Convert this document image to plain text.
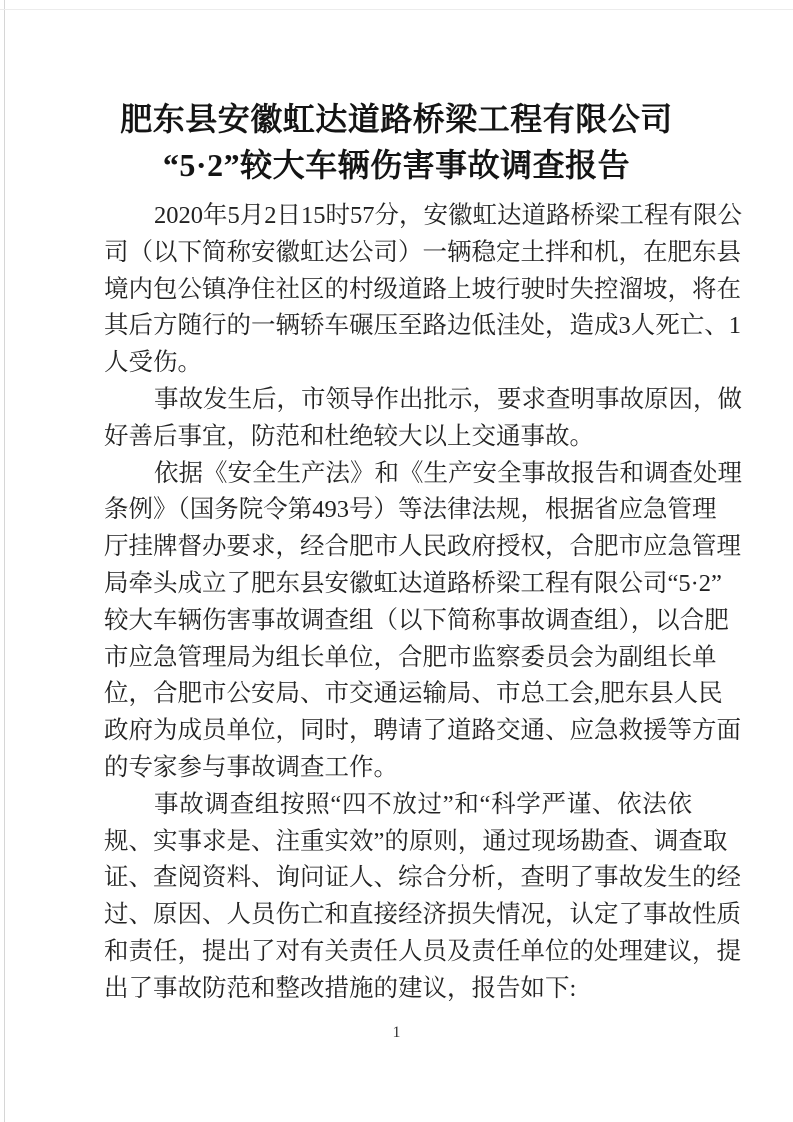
肥东县安徽虹达道路桥梁工程有限公司
“5·2”较大车辆伤害事故调查报告
2020年5月2日15时57分，安徽虹达道路桥梁工程有限公
司（以下简称安徽虹达公司）一辆稳定土拌和机，在肥东县
境内包公镇净住社区的村级道路上坡行驶时失控溜坡，将在
其后方随行的一辆轿车碾压至路边低洼处，造成3人死亡、1
人受伤。
事故发生后，市领导作出批示，要求查明事故原因，做
好善后事宜，防范和杜绝较大以上交通事故。
依据《安全生产法》和《生产安全事故报告和调查处理
条例》（国务院令第493号）等法律法规，根据省应急管理
厅挂牌督办要求，经合肥市人民政府授权，合肥市应急管理
局牵头成立了肥东县安徽虹达道路桥梁工程有限公司“5·2”
较大车辆伤害事故调查组（以下简称事故调查组），以合肥
市应急管理局为组长单位，合肥市监察委员会为副组长单
位，合肥市公安局、市交通运输局、市总工会,肥东县人民
政府为成员单位，同时，聘请了道路交通、应急救援等方面
的专家参与事故调查工作。
事故调查组按照“四不放过”和“科学严谨、依法依
规、实事求是、注重实效”的原则，通过现场勘查、调查取
证、查阅资料、询问证人、综合分析，查明了事故发生的经
过、原因、人员伤亡和直接经济损失情况，认定了事故性质
和责任，提出了对有关责任人员及责任单位的处理建议，提
出了事故防范和整改措施的建议，报告如下:
1
